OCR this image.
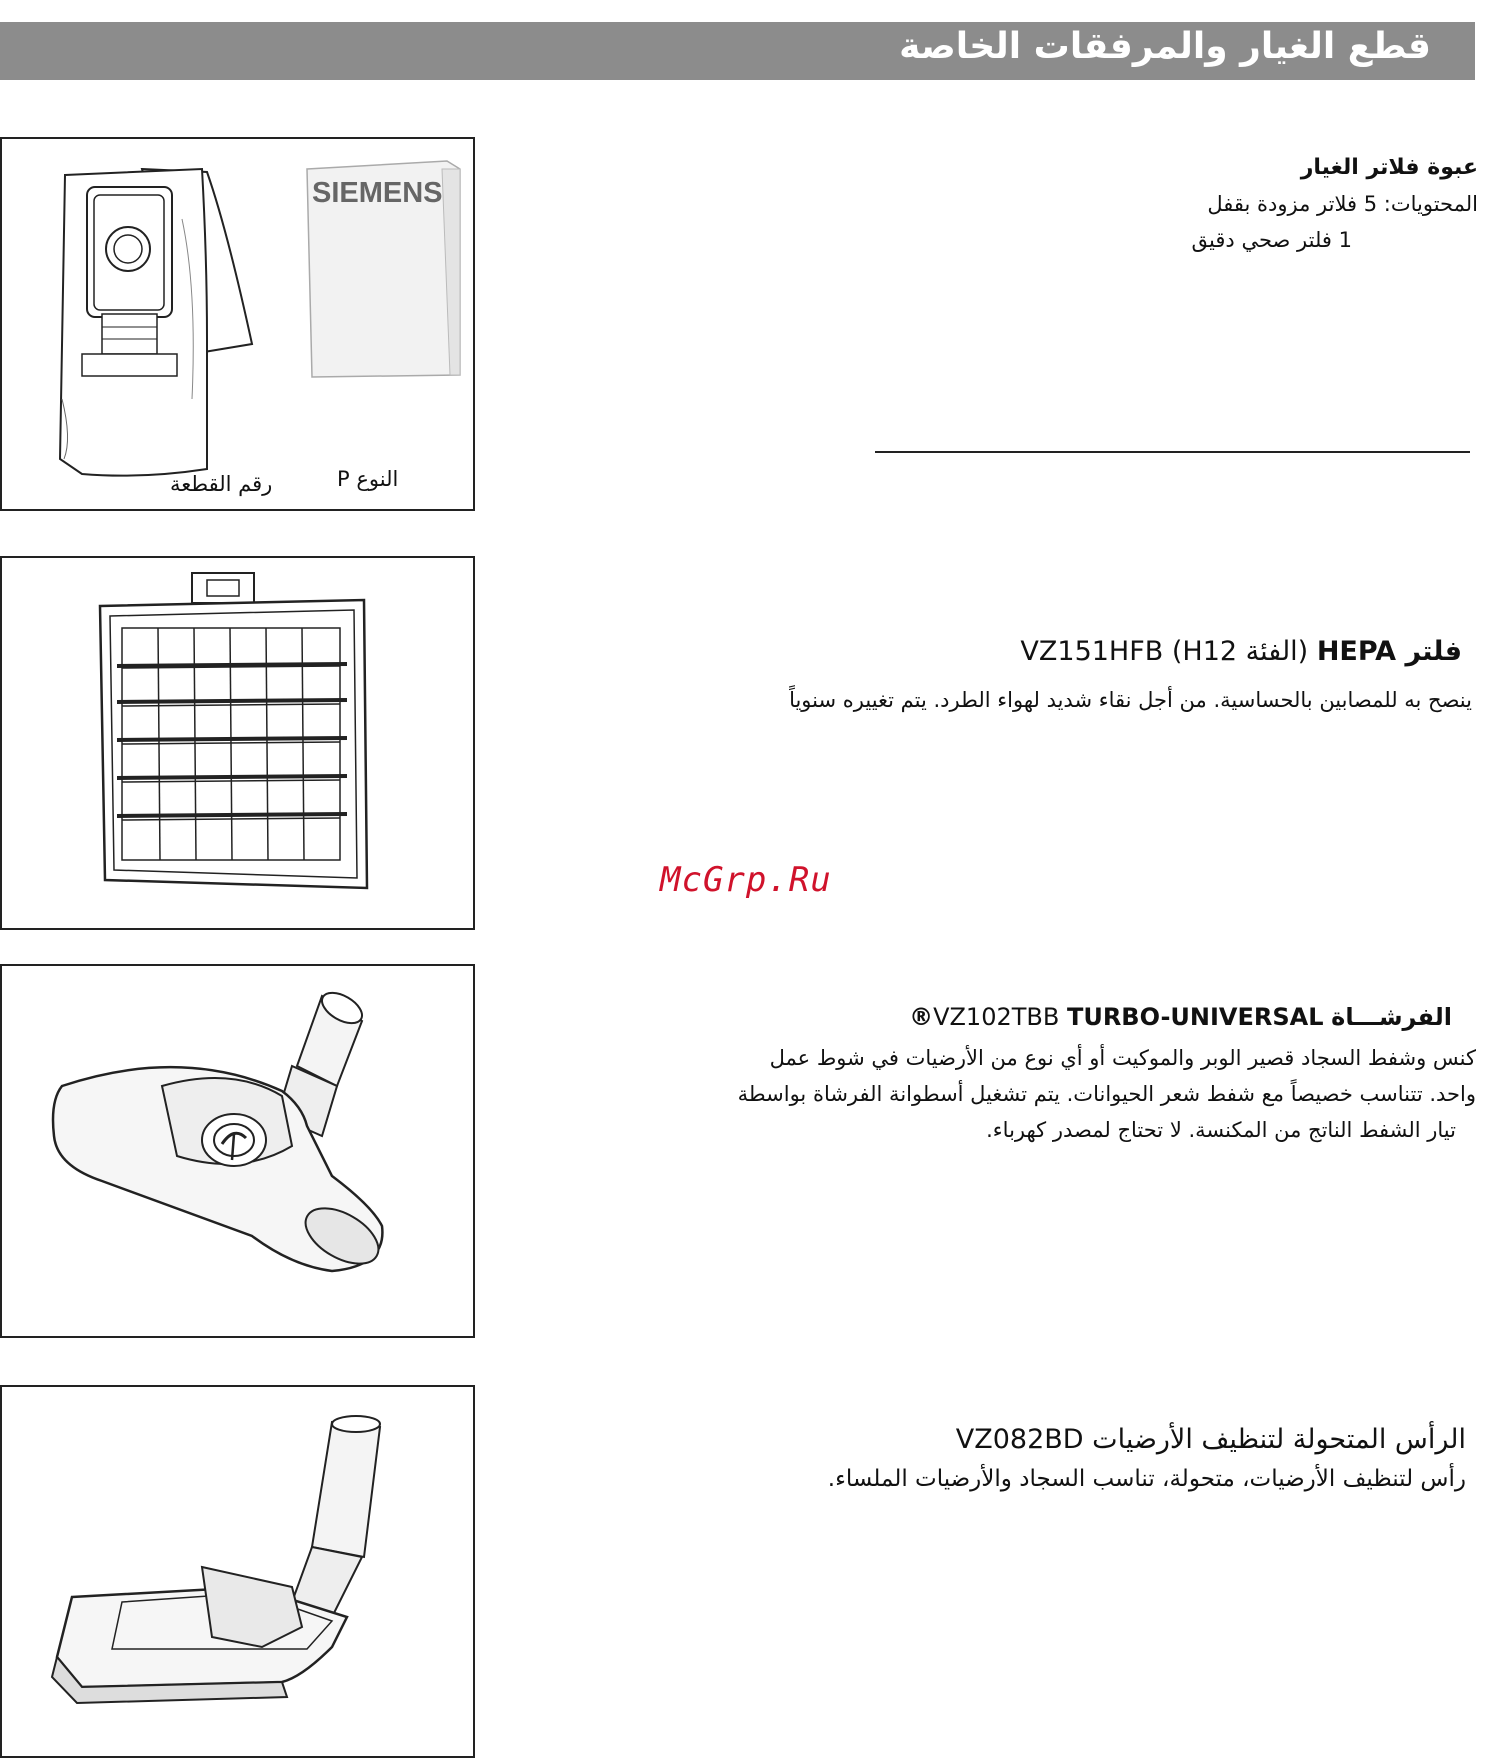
قطع الغيار والمرفقات الخاصة
SIEMENS
النوع P
رقم القطعة
عبوة فلاتر الغيار
المحتويات: 5 فلاتر مزودة بقفل
1 فلتر صحي دقيق
فلتر HEPA (الفئة H12) VZ151HFB
ينصح به للمصابين بالحساسية. من أجل نقاء شديد لهواء الطرد. يتم تغييره سنوياً
McGrp.Ru
الفرشـــاة VZ102TBB TURBO-UNIVERSAL®
كنس وشفط السجاد قصير الوبر والموكيت أو أي نوع من الأرضيات في شوط عمل
واحد. تتناسب خصيصاً مع شفط شعر الحيوانات. يتم تشغيل أسطوانة الفرشاة بواسطة
تيار الشفط الناتج من المكنسة. لا تحتاج لمصدر كهرباء.
الرأس المتحولة لتنظيف الأرضيات VZ082BD
رأس لتنظيف الأرضيات، متحولة، تناسب السجاد والأرضيات الملساء.
